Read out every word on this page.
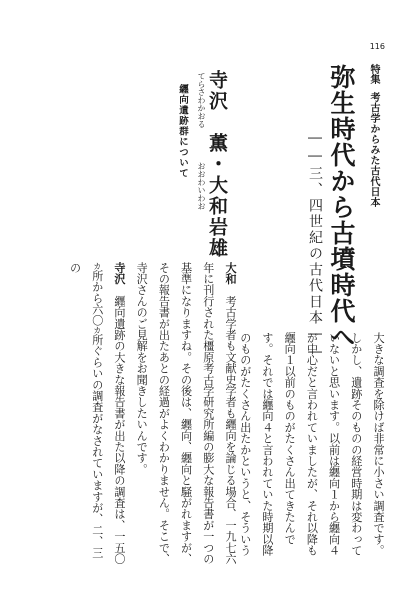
116
特集
考古学からみた古代日本
弥生時代から古墳時代へ
――三、四世紀の古代日本――
寺沢　薫・大和岩雄
てらさわかおる
おおわいわお
纒向遺跡群について
大和　考古学者も文献史学者も纒向を論じる場合、一九七六年に刊行された橿原考古学研究所編の膨大な報告書が一つの基準になりますね。その後は、纒向、纒向と騒がれますが、その報告書が出たあとの経過がよくわかりません。そこで、寺沢さんのご見解をお聞きしたいんです。
寺沢　纒向遺跡の大きな報告書が出た以降の調査は、一五〇カ所から六〇カ所ぐらいの調査がなされていますが、二、三の
大きな調査を除けば非常に小さい調査です。しかし、遺跡そのものの経営時期は変わっていないと思います。以前は纒向１から纒向４が中心だと言われていましたが、それ以降も纒向１以前のものがたくさん出てきたんです。それでは纒向４と言われていた時期以降のものがたくさん出たかというと、そういう
